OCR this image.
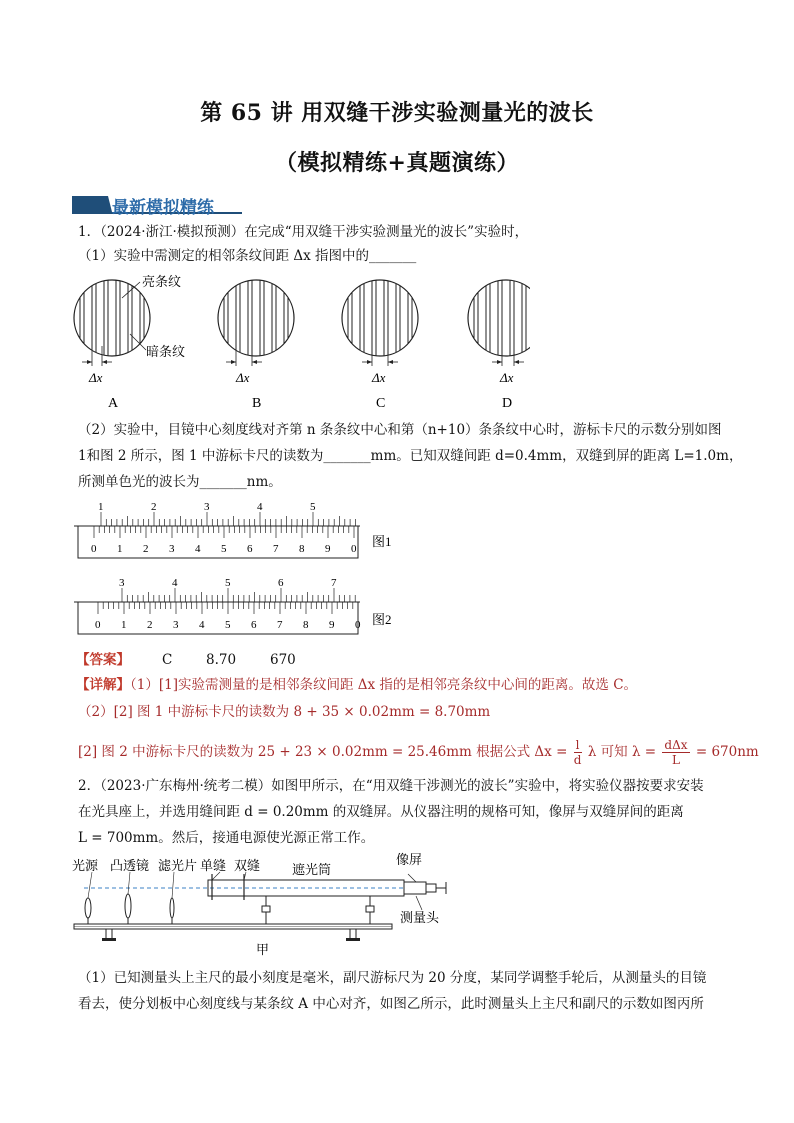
第 65 讲 用双缝干涉实验测量光的波长
（模拟精练+真题演练）
最新模拟精练
1．（2024·浙江·模拟预测）在完成“用双缝干涉实验测量光的波长”实验时，
（1）实验中需测定的相邻条纹间距 Δx 指图中的_______
亮条纹
暗条纹
Δx
A
Δx
B
Δx
C
Δx
D
（2）实验中，目镜中心刻度线对齐第 n 条条纹中心和第（n+10）条条纹中心时，游标卡尺的示数分别如图
1和图 2 所示，图 1 中游标卡尺的读数为_______mm。已知双缝间距 d=0.4mm，双缝到屏的距离 L=1.0m，
所测单色光的波长为_______nm。
1	2	3	4	5
0 1 2 3 4 5 6 7 8 9 0
3	4	5	6	7
0 1 2 3 4 5 6 7 8 9 0
图1
图2
【答案】 C 8.70	670
【详解】（1）[1]实验需测量的是相邻条纹间距 Δx 指的是相邻亮条纹中心间的距离。故选 C。
（2）[2] 图 1 中游标卡尺的读数为 8 + 35 × 0.02mm = 8.70mm
[2] 图 2 中游标卡尺的读数为 25 + 23 × 0.02mm = 25.46mm 根据公式 $\Delta x = \frac{l}{d}$ λ 可知 λ = dΔx
L	= 670nm
2．（2023·广东梅州·统考二模）如图甲所示，在“用双缝干涉测光的波长”实验中，将实验仪器按要求安装
在光具座上，并选用缝间距 d = 0.20mm 的双缝屏。从仪器注明的规格可知，像屏与双缝屏间的距离
L = 700mm。然后，接通电源使光源正常工作。
光源 凸透镜 滤光片 单缝 双缝 遮光筒
像屏
测量头
甲
（1）已知测量头上主尺的最小刻度是毫米，副尺游标尺为 20 分度，某同学调整手轮后，从测量头的目镜
看去，使分划板中心刻度线与某条纹 A 中心对齐，如图乙所示，此时测量头上主尺和副尺的示数如图丙所
